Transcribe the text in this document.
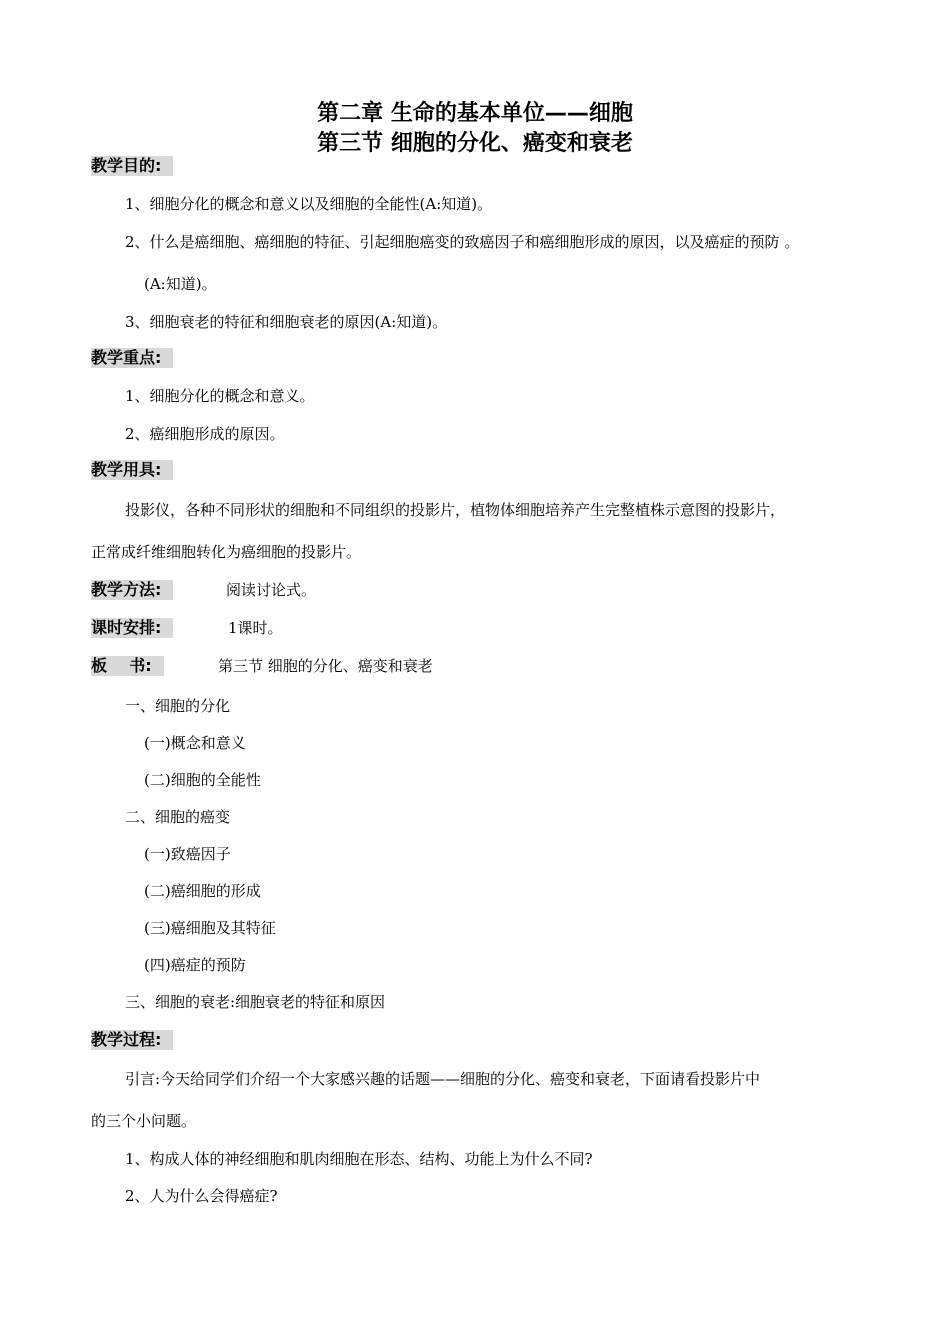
第二章 生命的基本单位——细胞
第三节 细胞的分化、癌变和衰老
教学目的:
1、细胞分化的概念和意义以及细胞的全能性(A:知道)。
2、什么是癌细胞、癌细胞的特征、引起细胞癌变的致癌因子和癌细胞形成的原因，以及癌症的预防 。
(A:知道)。
3、细胞衰老的特征和细胞衰老的原因(A:知道)。
教学重点:
1、细胞分化的概念和意义。
2、癌细胞形成的原因。
教学用具:
投影仪，各种不同形状的细胞和不同组织的投影片，植物体细胞培养产生完整植株示意图的投影片，
正常成纤维细胞转化为癌细胞的投影片。
教学方法:	阅读讨论式。
课时安排:	1课时。
板    书:	第三节 细胞的分化、癌变和衰老
一、细胞的分化
(一)概念和意义
(二)细胞的全能性
二、细胞的癌变
(一)致癌因子
(二)癌细胞的形成
(三)癌细胞及其特征
(四)癌症的预防
三、细胞的衰老:细胞衰老的特征和原因
教学过程:
引言:今天给同学们介绍一个大家感兴趣的话题——细胞的分化、癌变和衰老，下面请看投影片中
的三个小问题。
1、构成人体的神经细胞和肌肉细胞在形态、结构、功能上为什么不同?
2、人为什么会得癌症?
